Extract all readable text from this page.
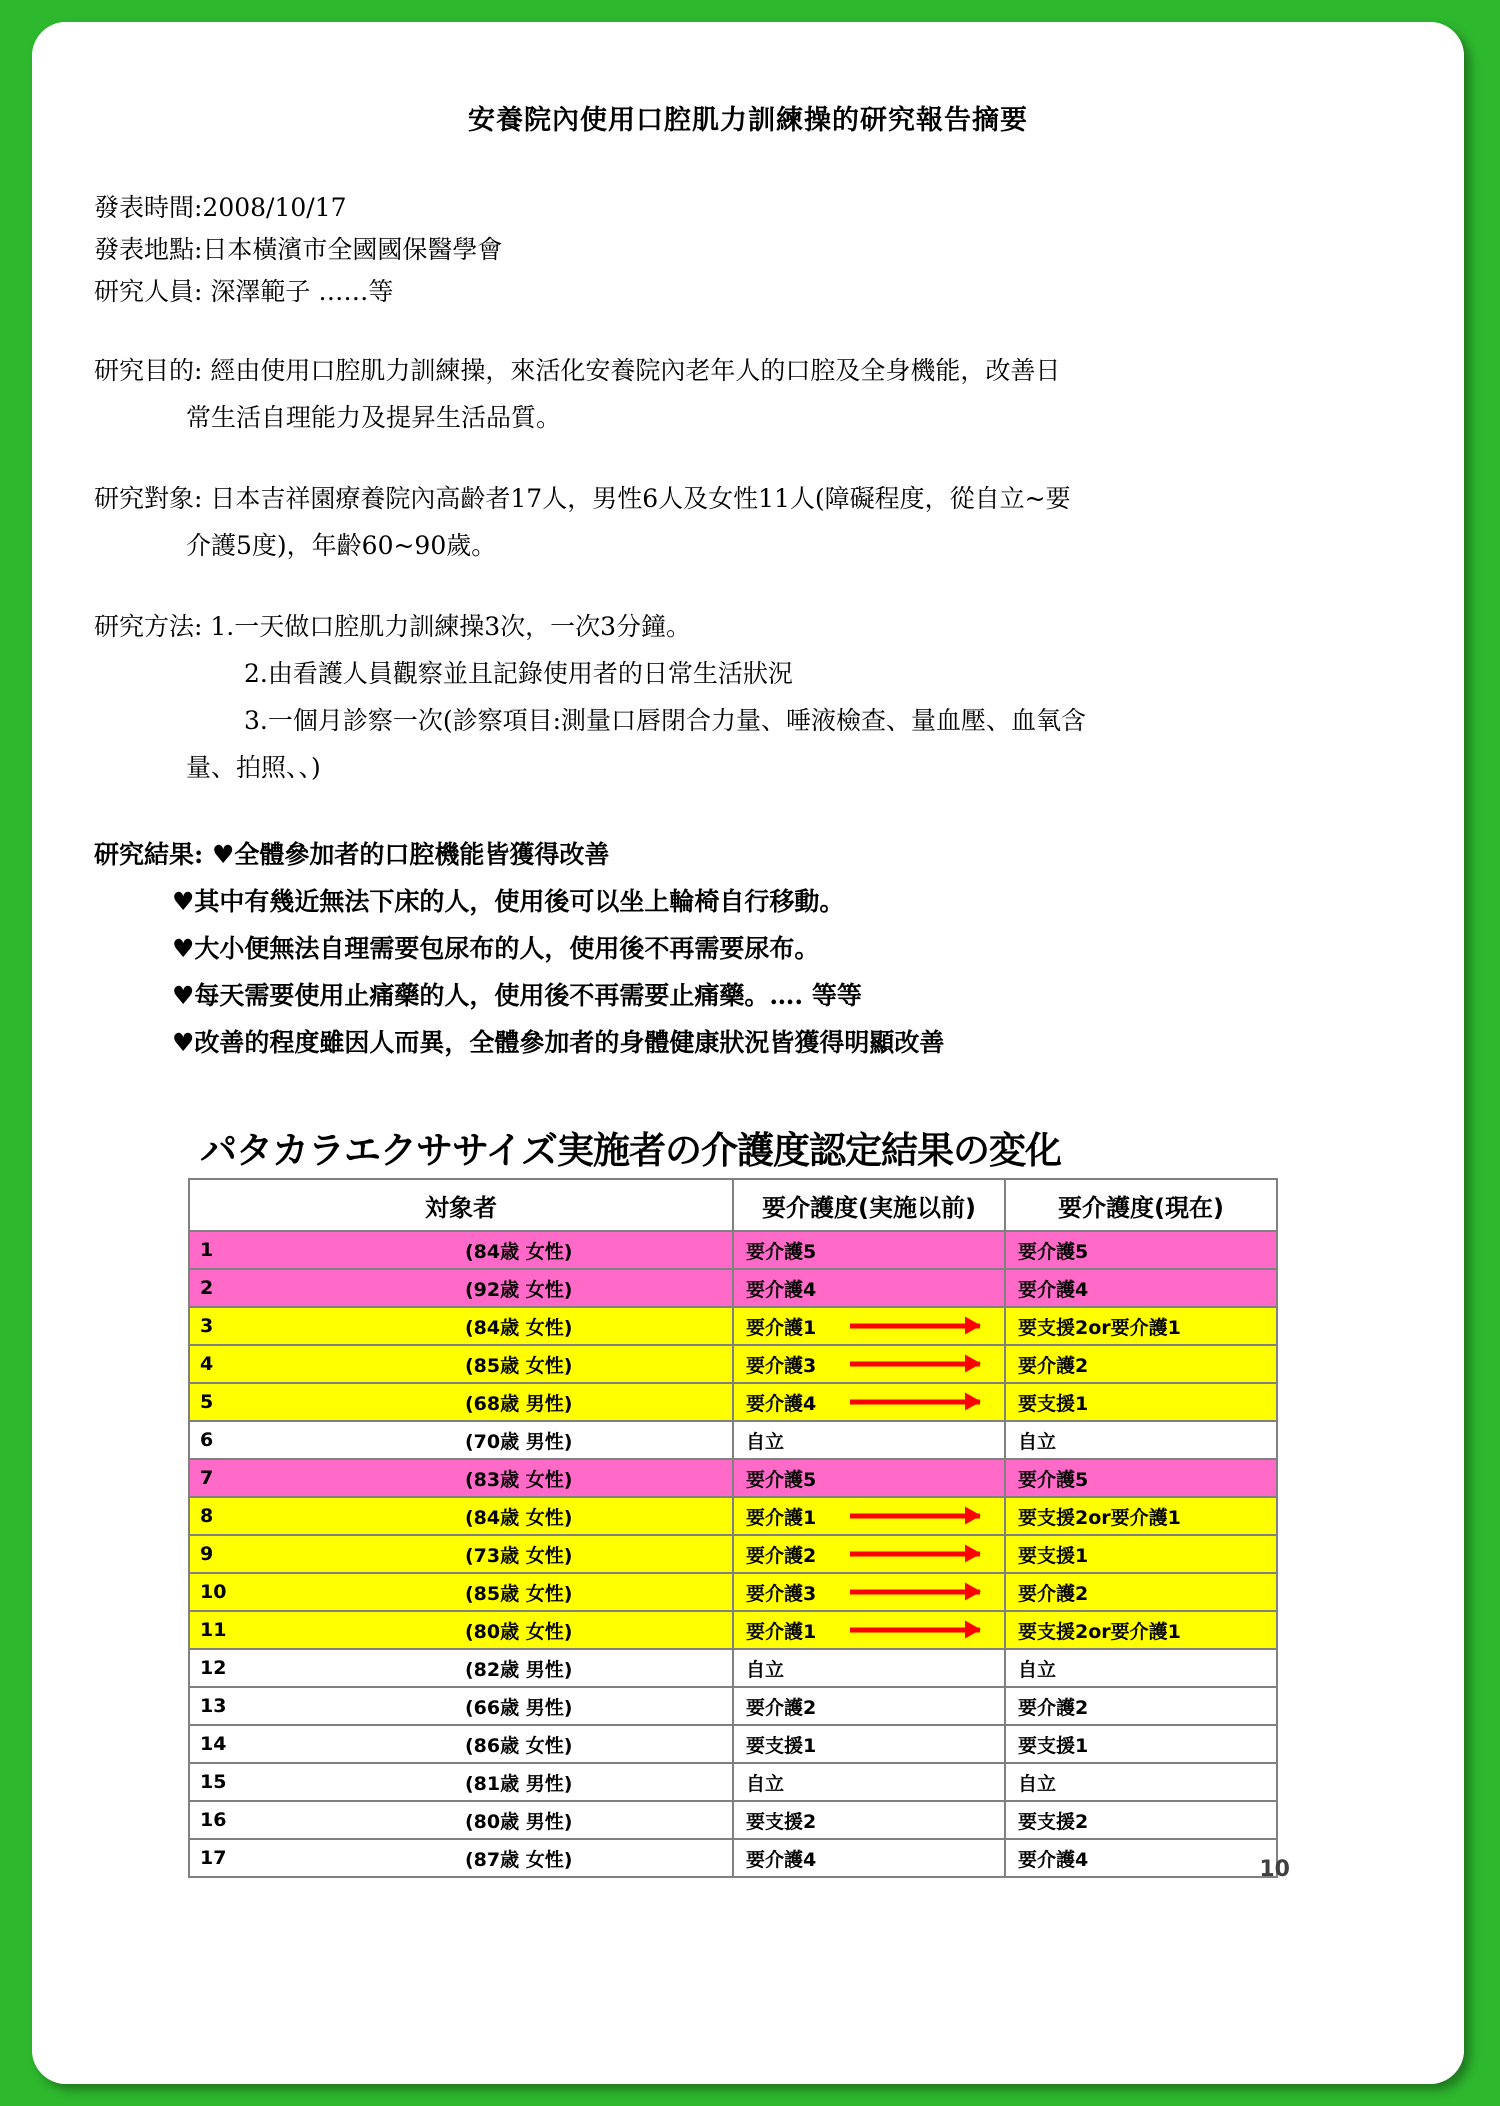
安養院內使用口腔肌力訓練操的研究報告摘要
發表時間:2008/10/17
發表地點:日本橫濱市全國國保醫學會
研究人員: 深澤範子 ……等
研究目的: 經由使用口腔肌力訓練操，來活化安養院內老年人的口腔及全身機能，改善日
常生活自理能力及提昇生活品質。
研究對象: 日本吉祥園療養院內高齡者17人，男性6人及女性11人(障礙程度，從自立~要
介護5度)，年齡60~90歲。
研究方法: 1.一天做口腔肌力訓練操3次，一次3分鐘。
2.由看護人員觀察並且記錄使用者的日常生活狀況
3.一個月診察一次(診察項目:測量口唇閉合力量、唾液檢查、量血壓、血氧含
量、拍照、、)
研究結果: ♥全體參加者的口腔機能皆獲得改善
♥其中有幾近無法下床的人，使用後可以坐上輪椅自行移動。
♥大小便無法自理需要包尿布的人，使用後不再需要尿布。
♥每天需要使用止痛藥的人，使用後不再需要止痛藥。…. 等等
♥改善的程度雖因人而異，全體參加者的身體健康狀況皆獲得明顯改善
パタカラエクササイズ実施者の介護度認定結果の変化
対象者		要介護度(実施以前)	要介護度(現在)
1	(84歳 女性)	要介護5	要介護5
2	(92歳 女性)	要介護4	要介護4
3	(84歳 女性)	要介護1	要支援2or要介護1
4	(85歳 女性)	要介護3	要介護2
5	(68歳 男性)	要介護4	要支援1
6	(70歳 男性)	自立	自立
7	(83歳 女性)	要介護5	要介護5
8	(84歳 女性)	要介護1	要支援2or要介護1
9	(73歳 女性)	要介護2	要支援1
10	(85歳 女性)	要介護3	要介護2
11	(80歳 女性)	要介護1	要支援2or要介護1
12	(82歳 男性)	自立	自立
13	(66歳 男性)	要介護2	要介護2
14	(86歳 女性)	要支援1	要支援1
15	(81歳 男性)	自立	自立
16	(80歳 男性)	要支援2	要支援2
17	(87歳 女性)	要介護4	要介護4	10
